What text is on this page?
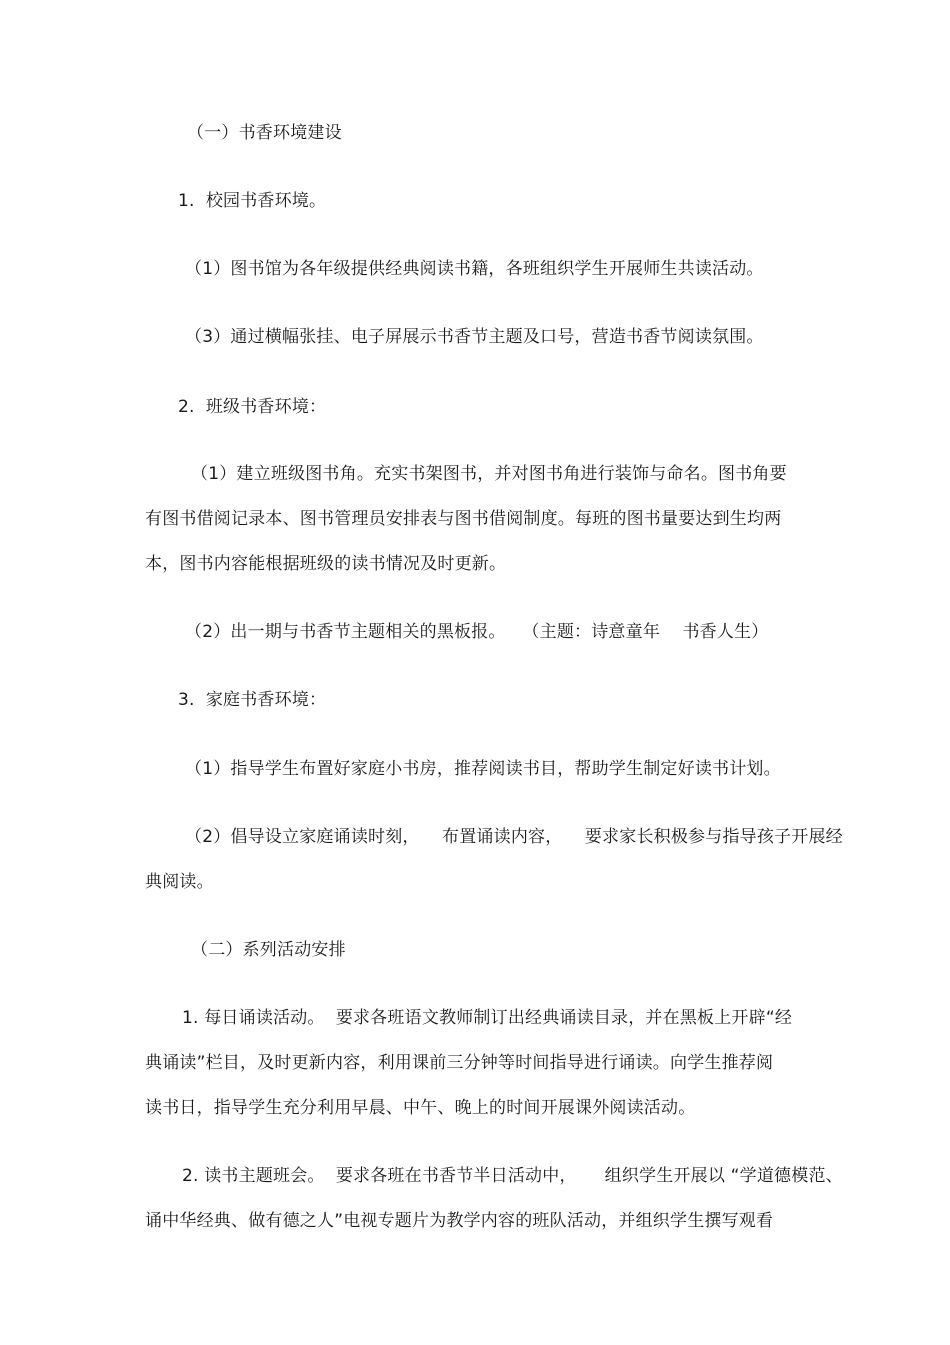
（一）书香环境建设
1.  校园书香环境。
（1）图书馆为各年级提供经典阅读书籍，各班组织学生开展师生共读活动。
（3）通过横幅张挂、电子屏展示书香节主题及口号，营造书香节阅读氛围。
2.  班级书香环境：
（1）建立班级图书角。充实书架图书，并对图书角进行装饰与命名。图书角要
有图书借阅记录本、图书管理员安排表与图书借阅制度。每班的图书量要达到生均两
本，图书内容能根据班级的读书情况及时更新。
（2）出一期与书香节主题相关的黑板报。   （主题：诗意童年    书香人生）
3.  家庭书香环境：
（1）指导学生布置好家庭小书房，推荐阅读书目，帮助学生制定好读书计划。
（2）倡导设立家庭诵读时刻，    布置诵读内容，    要求家长积极参与指导孩子开展经
典阅读。
（二）系列活动安排
1. 每日诵读活动。  要求各班语文教师制订出经典诵读目录，并在黑板上开辟“经
典诵读”栏目，及时更新内容，利用课前三分钟等时间指导进行诵读。向学生推荐阅
读书日，指导学生充分利用早晨、中午、晚上的时间开展课外阅读活动。
2. 读书主题班会。  要求各班在书香节半日活动中，     组织学生开展以 “学道德模范、
诵中华经典、做有德之人”电视专题片为教学内容的班队活动，并组织学生撰写观看
